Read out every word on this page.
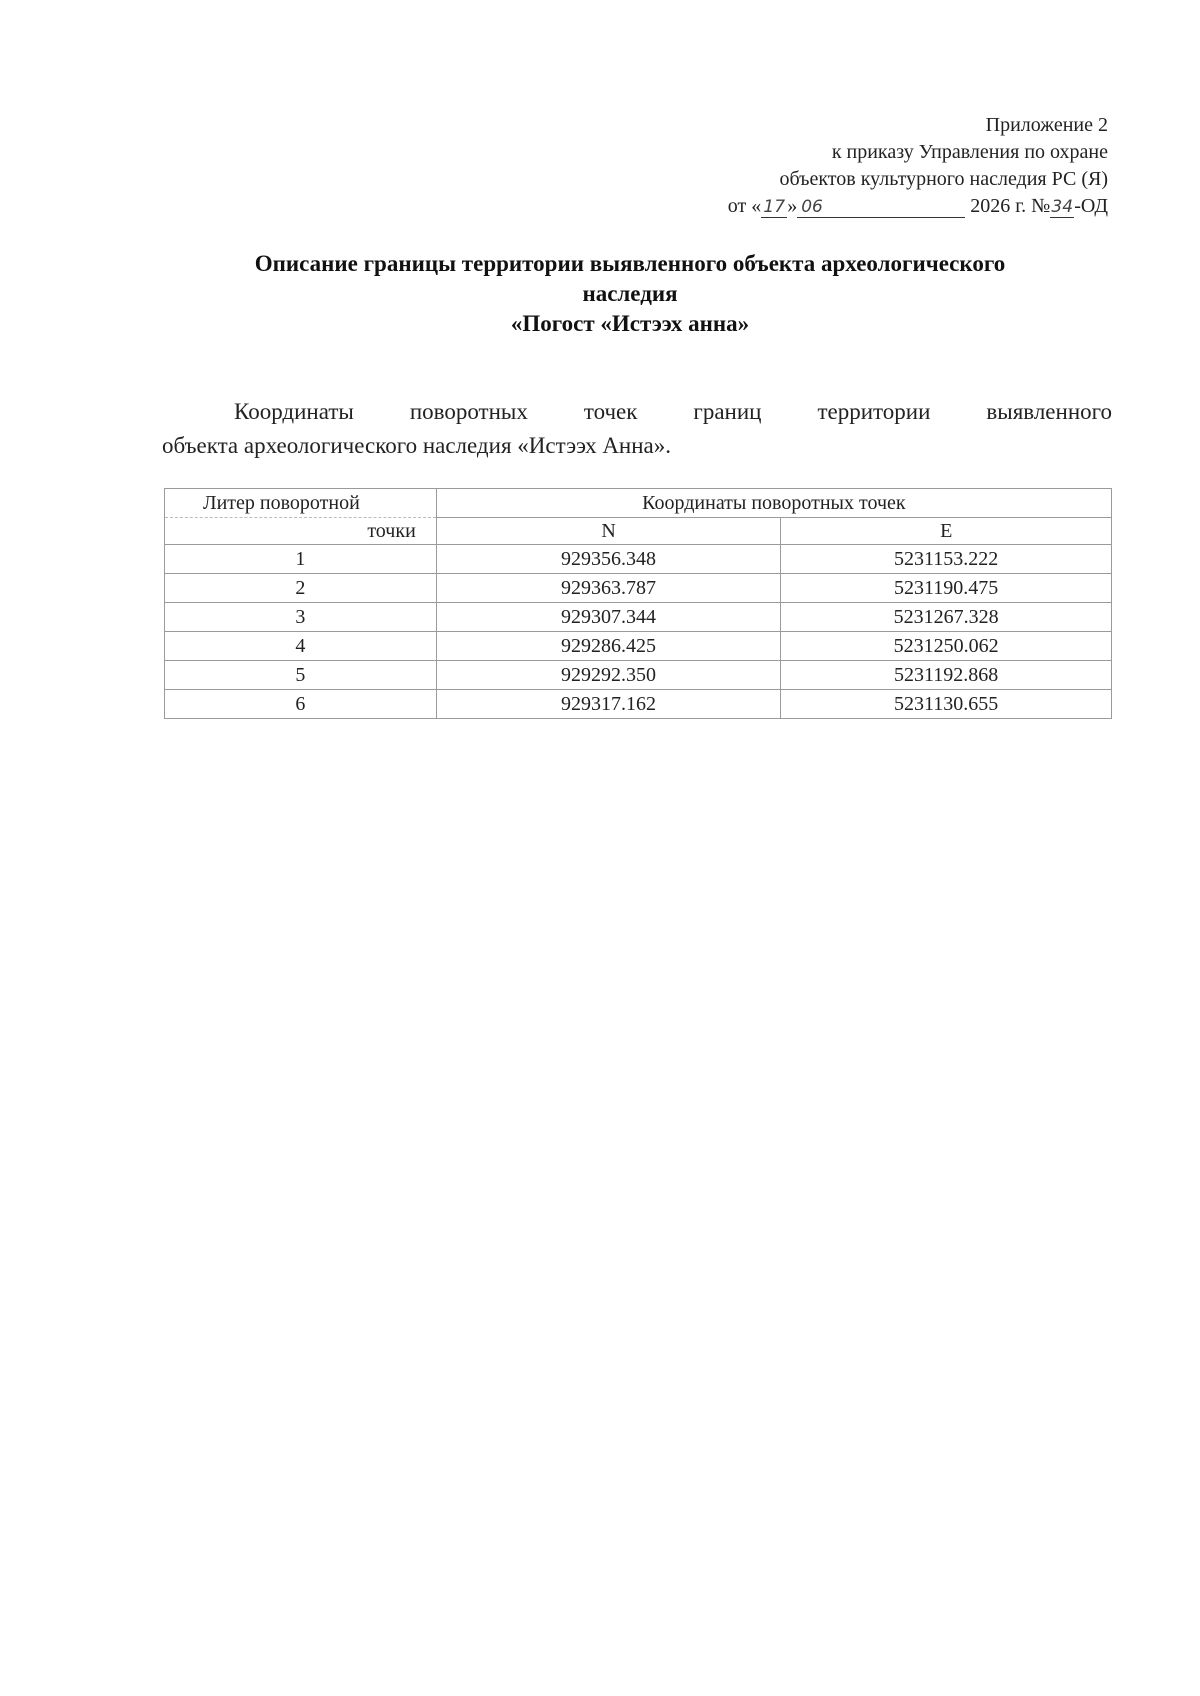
Приложение 2
к приказу Управления по охране
объектов культурного наследия РС (Я)
от « 17 » 06	2026 г. №34-ОД
Описание границы территории выявленного объекта археологического
наследия
«Погост «Истээх анна»
Координаты поворотных точек границ территории выявленного
объекта археологического наследия «Истээх Анна».
Литер поворотной	Координаты поворотных точек	
точки	N	E
1	929356.348	5231153.222
2	929363.787	5231190.475
3	929307.344	5231267.328
4	929286.425	5231250.062
5	929292.350	5231192.868
6	929317.162	5231130.655
